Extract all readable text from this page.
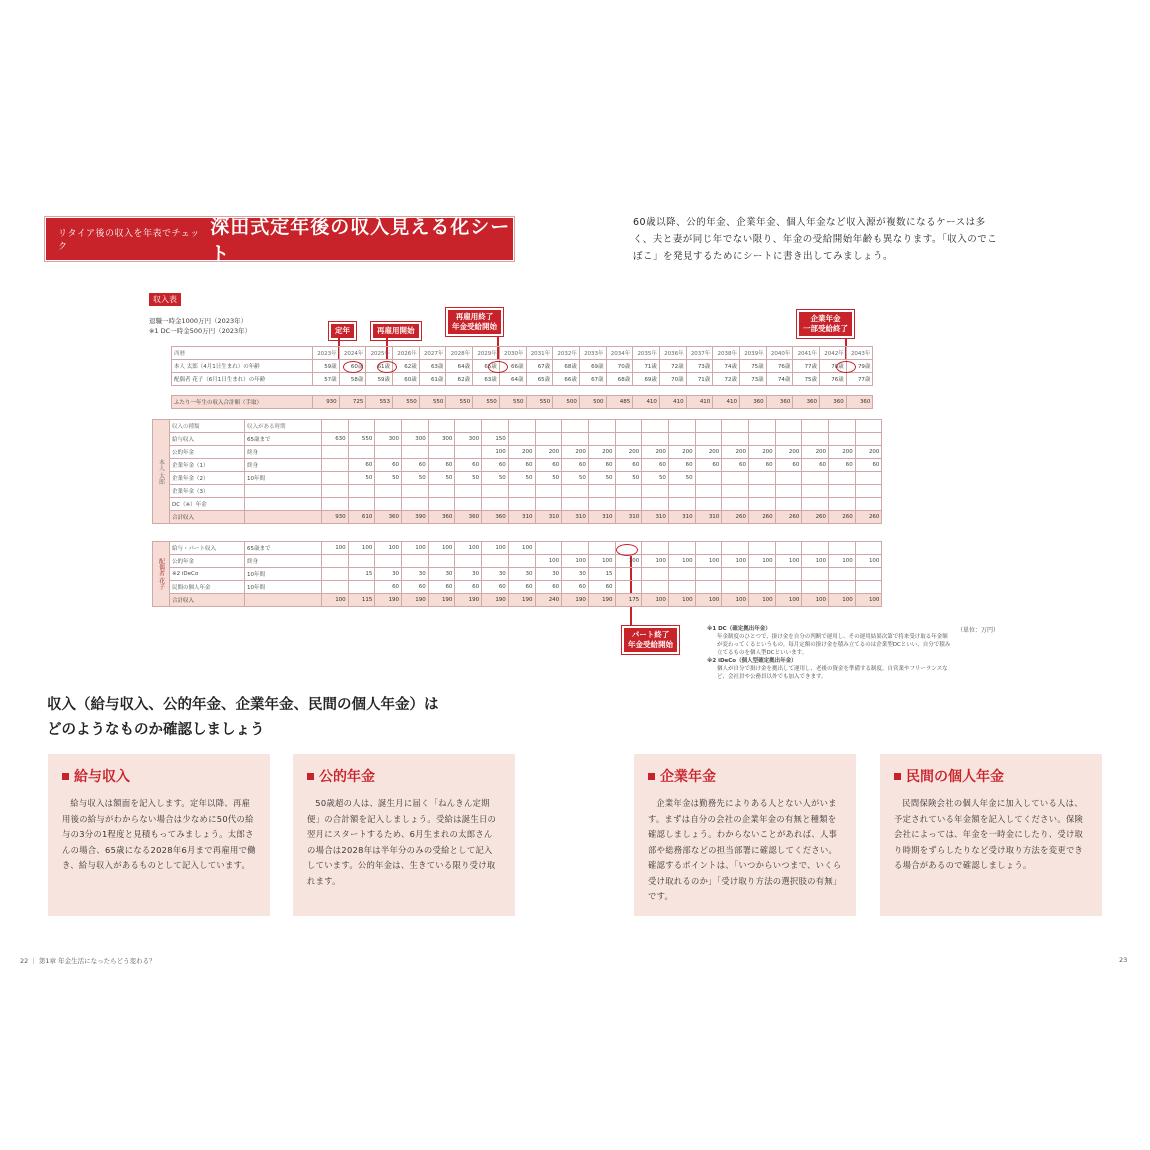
リタイア後の収入を年表でチェック
深田式定年後の収入見える化シート
60歳以降、公的年金、企業年金、個人年金など収入源が複数になるケースは多く、夫と妻が同じ年でない限り、年金の受給開始年齢も異なります。「収入のでこぼこ」を発見するためにシートに書き出してみましょう。
収入表
退職一時金1000万円（2023年）
※1 DC一時金500万円（2023年）	定年	再雇用開始
再雇用終了
年金受給開始
企業年金
一部受給終了
パート終了
年金受給開始
西暦	2023年	2024年	2025年	2026年	2027年	2028年	2029年	2030年	2031年	2032年	2033年	2034年	2035年	2036年	2037年	2038年	2039年	2040年	2041年	2042年	2043年
本人 太郎（4月1日生まれ）の年齢	59歳	60歳	61歳	62歳	63歳	64歳	65歳	66歳	67歳	68歳	69歳	70歳	71歳	72歳	73歳	74歳	75歳	76歳	77歳	78歳	79歳
配偶者 花子（6月1日生まれ）の年齢	57歳	58歳	59歳	60歳	61歳	62歳	63歳	64歳	65歳	66歳	67歳	68歳	69歳	70歳	71歳	72歳	73歳	74歳	75歳	76歳	77歳
ふたり一年生の収入合計額（手取）	930	725	553	550	550	550	550	550	550	500	500	485	410	410	410	410	360	360	360	360	360
本人 太郎	収入の種類	収入がある時期																					
	給与収入	65歳まで	630	550	300	300	300	300	150														
	公的年金	終身							100	200	200	200	200	200	200	200	200	200	200	200	200	200	200
	企業年金（1）	終身		60	60	60	60	60	60	60	60	60	60	60	60	60	60	60	60	60	60	60	60
	企業年金（2）	10年間		50	50	50	50	50	50	50	50	50	50	50	50	50							
	企業年金（3）																						
	DC（※）年金																						
	合計収入		930	610	360	390	360	360	360	310	310	310	310	310	310	310	310	260	260	260	260	260	260
配偶者 花子	給与・パート収入	65歳まで	100	100	100	100	100	100	100	100													
	公的年金	終身									100	100	100	100	100	100	100	100	100	100	100	100	100
	※2 iDeCo	10年間		15	30	30	30	30	30	30	30	30	15										
	民間の個人年金	10年間			60	60	60	60	60	60	60	60	60										
	合計収入		100	115	190	190	190	190	190	190	240	190	190	175	100	100	100	100	100	100	100	100	100
※1 DC（確定拠出年金）
年金制度のひとつで、掛け金を自分の判断で運用し、その運用結果次第で将来受け取る年金額が変わってくるというもの。毎月定額の掛け金を積み立てるのは企業型DCといい、自分で積み立てるものを個人型DCといいます。
※2 iDeCo（個人型確定拠出年金）
個人が自分で掛け金を拠出して運用し、老後の資金を準備する制度。自営業やフリーランスなど、会社員や公務員以外でも加入できます。
（単位：万円）
収入（給与収入、公的年金、企業年金、民間の個人年金）は
どのようなものか確認しましょう
給与収入
給与収入は額面を記入します。定年以降、再雇用後の給与がわからない場合は少なめに50代の給与の3分の1程度と見積もってみましょう。太郎さんの場合、65歳になる2028年6月まで再雇用で働き、給与収入があるものとして記入しています。
公的年金
50歳超の人は、誕生月に届く「ねんきん定期便」の合計額を記入しましょう。受給は誕生日の翌月にスタートするため、6月生まれの太郎さんの場合は2028年は半年分のみの受給として記入しています。公的年金は、生きている限り受け取れます。
企業年金
企業年金は勤務先によりある人とない人がいます。まずは自分の会社の企業年金の有無と種類を確認しましょう。わからないことがあれば、人事部や総務部などの担当部署に確認してください。確認するポイントは、「いつからいつまで、いくら受け取れるのか」「受け取り方法の選択肢の有無」です。
民間の個人年金
民間保険会社の個人年金に加入している人は、予定されている年金額を記入してください。保険会社によっては、年金を一時金にしたり、受け取り時期をずらしたりなど受け取り方法を変更できる場合があるので確認しましょう。
22 ｜ 第1章 年金生活になったらどう変わる？	23
